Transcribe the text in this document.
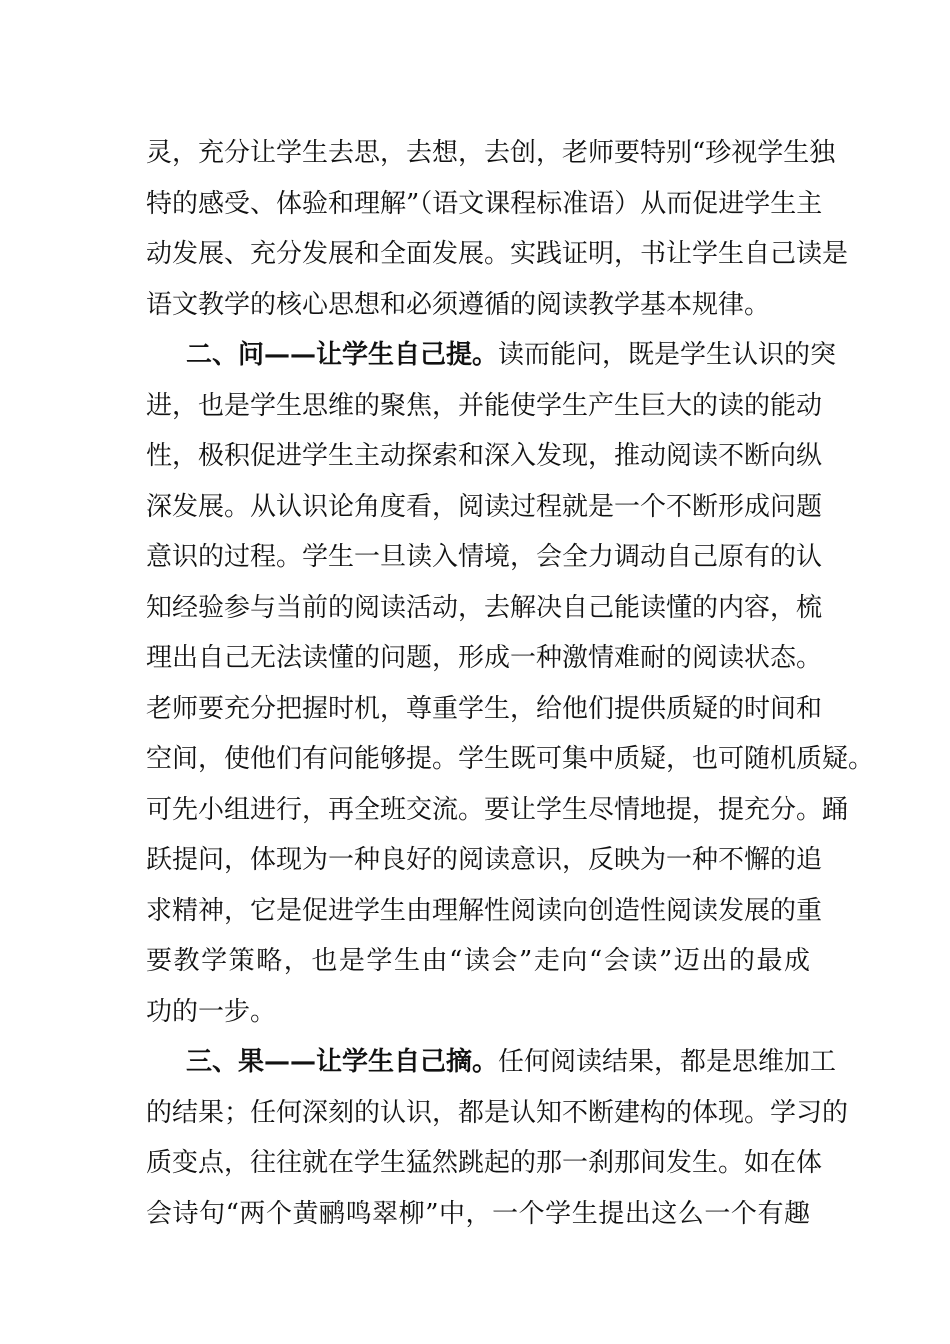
灵，充分让学生去思，去想，去创，老师要特别“珍视学生独
特的感受、体验和理解”（语文课程标准语）从而促进学生主
动发展、充分发展和全面发展。实践证明，书让学生自己读是
语文教学的核心思想和必须遵循的阅读教学基本规律。
二、问——让学生自己提。读而能问，既是学生认识的突
进，也是学生思维的聚焦，并能使学生产生巨大的读的能动
性，极积促进学生主动探索和深入发现，推动阅读不断向纵
深发展。从认识论角度看，阅读过程就是一个不断形成问题
意识的过程。学生一旦读入情境，会全力调动自己原有的认
知经验参与当前的阅读活动，去解决自己能读懂的内容，梳
理出自己无法读懂的问题，形成一种激情难耐的阅读状态。
老师要充分把握时机，尊重学生，给他们提供质疑的时间和
空间，使他们有问能够提。学生既可集中质疑，也可随机质疑。
可先小组进行，再全班交流。要让学生尽情地提，提充分。踊
跃提问，体现为一种良好的阅读意识，反映为一种不懈的追
求精神，它是促进学生由理解性阅读向创造性阅读发展的重
要教学策略，也是学生由“读会”走向“会读”迈出的最成
功的一步。
三、果——让学生自己摘。任何阅读结果，都是思维加工
的结果；任何深刻的认识，都是认知不断建构的体现。学习的
质变点，往往就在学生猛然跳起的那一刹那间发生。如在体
会诗句“两个黄鹂鸣翠柳”中，一个学生提出这么一个有趣
